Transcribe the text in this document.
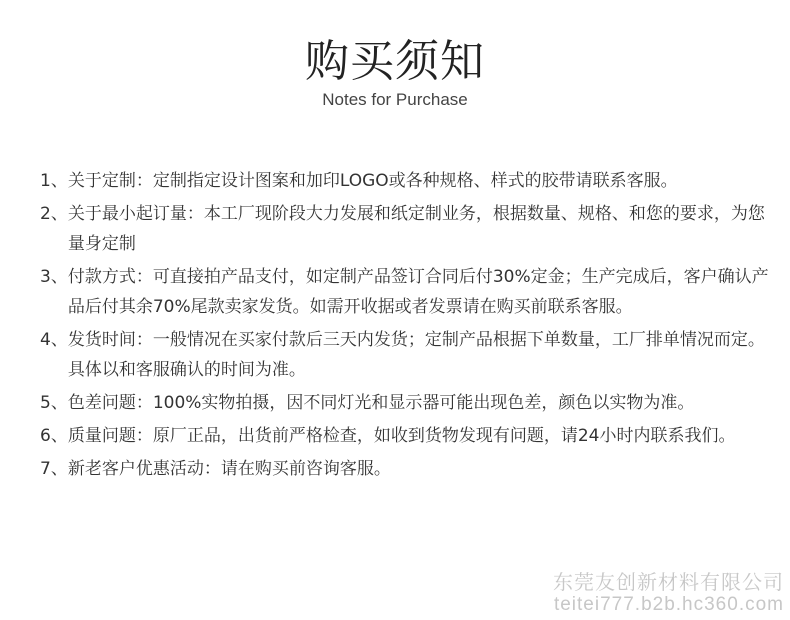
购买须知
Notes for Purchase
1、 关于定制：定制指定设计图案和加印LOGO或各种规格、样式的胶带请联系客服。
2、 关于最小起订量：本工厂现阶段大力发展和纸定制业务，根据数量、规格、和您的要求，为您量身定制
3、 付款方式：可直接拍产品支付，如定制产品签订合同后付30%定金；生产完成后，客户确认产品后付其余70%尾款卖家发货。如需开收据或者发票请在购买前联系客服。
4、 发货时间：一般情况在买家付款后三天内发货；定制产品根据下单数量，工厂排单情况而定。具体以和客服确认的时间为准。
5、 色差问题：100%实物拍摄，因不同灯光和显示器可能出现色差，颜色以实物为准。
6、 质量问题：原厂正品，出货前严格检查，如收到货物发现有问题，请24小时内联系我们。
7、 新老客户优惠活动：请在购买前咨询客服。
东莞友创新材料有限公司
teitei777.b2b.hc360.com
